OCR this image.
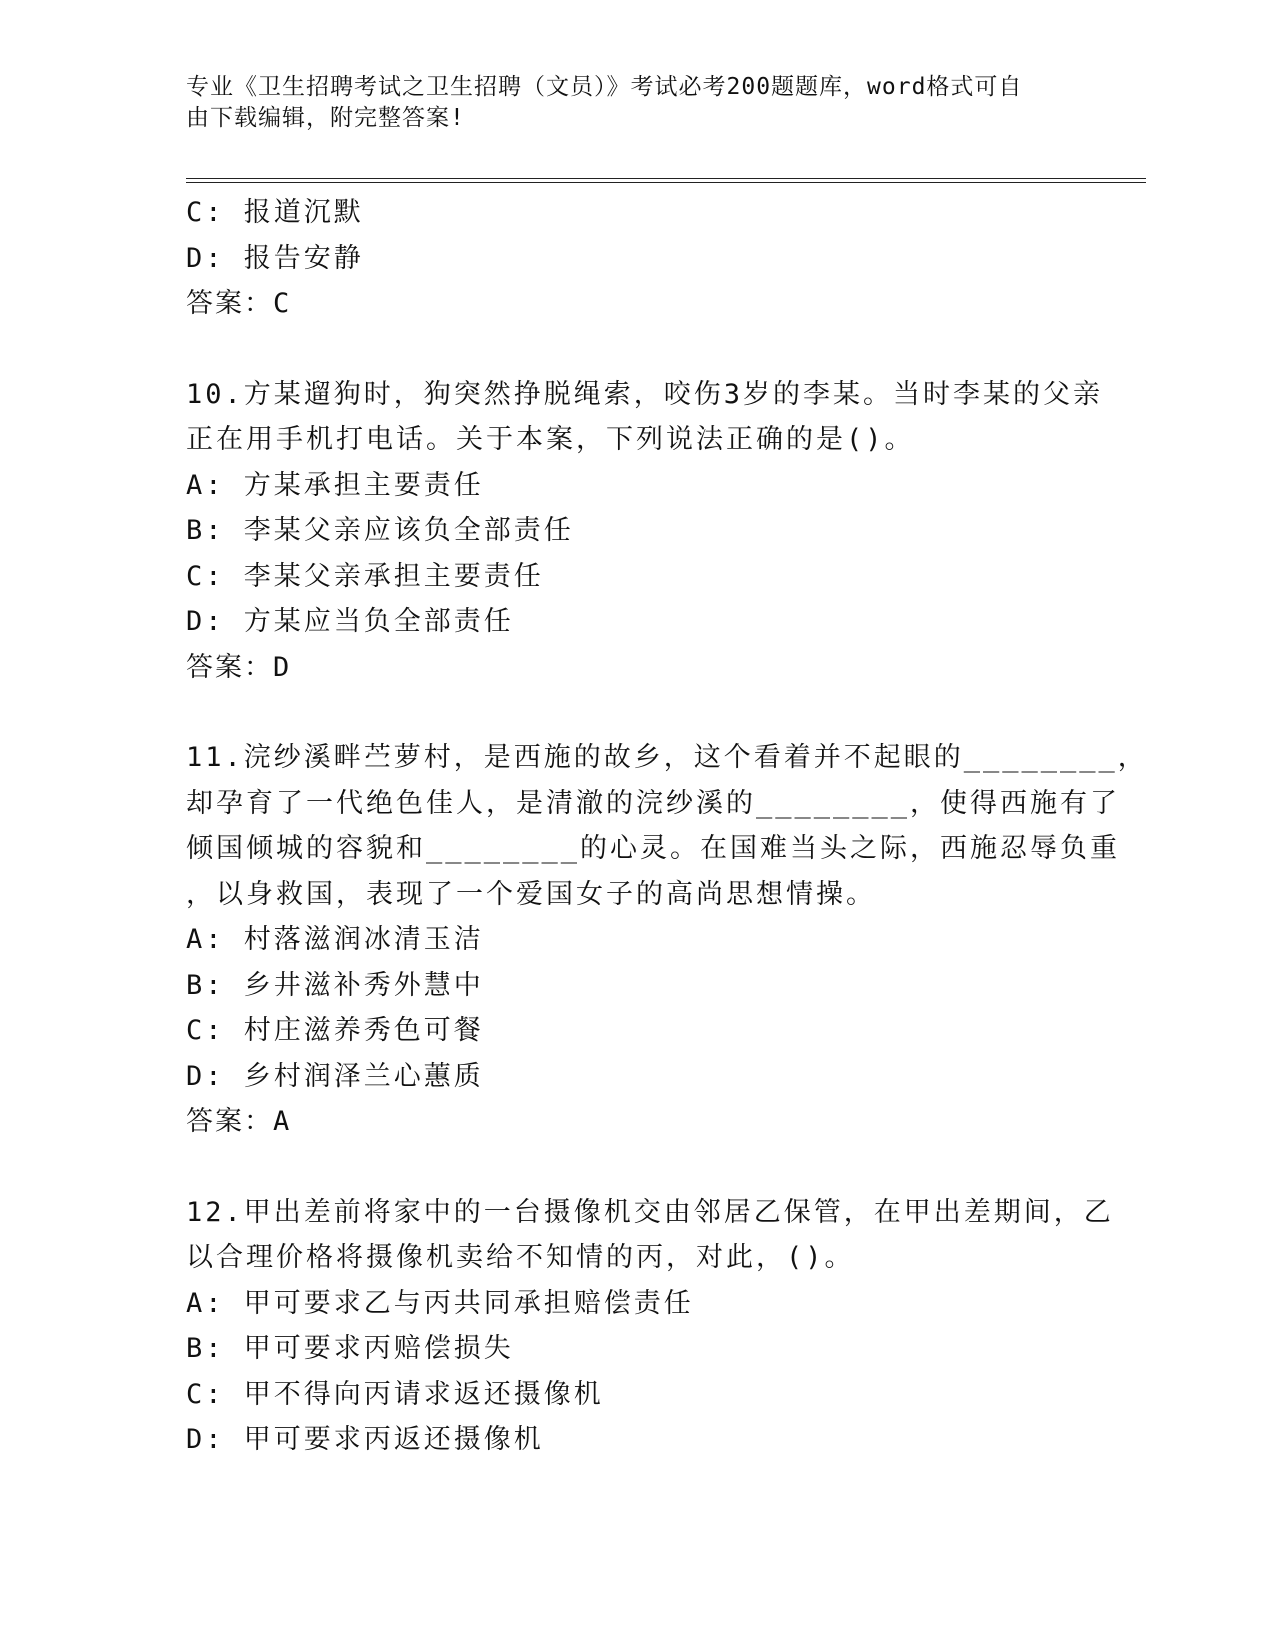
专业《卫生招聘考试之卫生招聘（文员）》考试必考200题题库，word格式可自
由下载编辑，附完整答案!
C: 报道沉默
D: 报告安静
答案：C
10.方某遛狗时，狗突然挣脱绳索，咬伤3岁的李某。当时李某的父亲
正在用手机打电话。关于本案，下列说法正确的是()。
A: 方某承担主要责任
B: 李某父亲应该负全部责任
C: 李某父亲承担主要责任
D: 方某应当负全部责任
答案：D
11.浣纱溪畔苎萝村，是西施的故乡，这个看着并不起眼的________，
却孕育了一代绝色佳人，是清澈的浣纱溪的________，使得西施有了
倾国倾城的容貌和________的心灵。在国难当头之际，西施忍辱负重
，以身救国，表现了一个爱国女子的高尚思想情操。
A: 村落滋润冰清玉洁
B: 乡井滋补秀外慧中
C: 村庄滋养秀色可餐
D: 乡村润泽兰心蕙质
答案：A
12.甲出差前将家中的一台摄像机交由邻居乙保管，在甲出差期间，乙
以合理价格将摄像机卖给不知情的丙，对此，()。
A: 甲可要求乙与丙共同承担赔偿责任
B: 甲可要求丙赔偿损失
C: 甲不得向丙请求返还摄像机
D: 甲可要求丙返还摄像机
